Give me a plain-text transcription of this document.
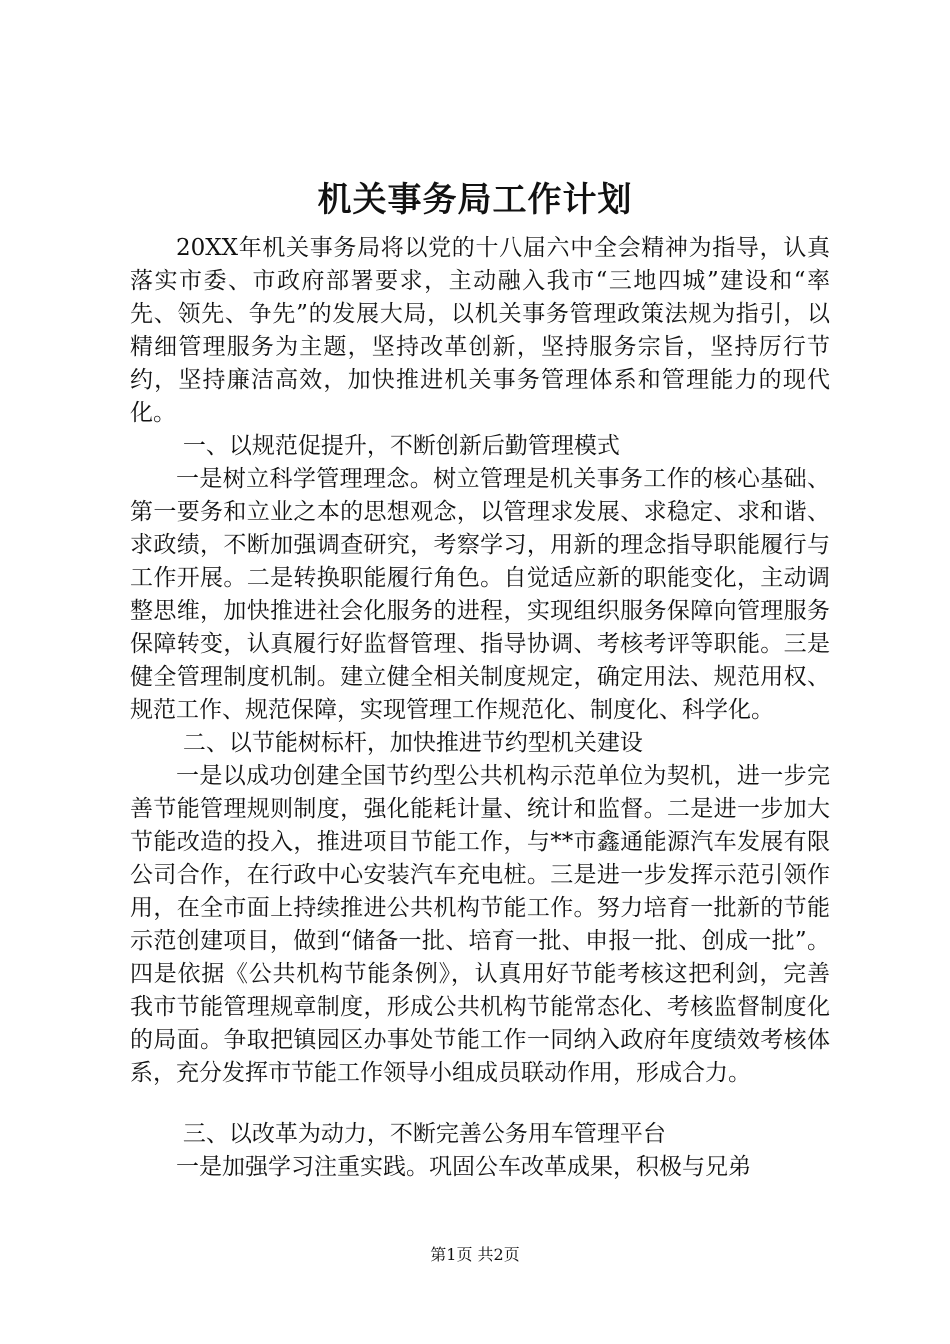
机关事务局工作计划

20XX年机关事务局将以党的十八届六中全会精神为指导，认真落实市委、市政府部署要求，主动融入我市“三地四城”建设和“率先、领先、争先”的发展大局，以机关事务管理政策法规为指引，以精细管理服务为主题，坚持改革创新，坚持服务宗旨，坚持厉行节约，坚持廉洁高效，加快推进机关事务管理体系和管理能力的现代化。

一、以规范促提升，不断创新后勤管理模式

一是树立科学管理理念。树立管理是机关事务工作的核心基础、第一要务和立业之本的思想观念，以管理求发展、求稳定、求和谐、求政绩，不断加强调查研究，考察学习，用新的理念指导职能履行与工作开展。二是转换职能履行角色。自觉适应新的职能变化，主动调整思维，加快推进社会化服务的进程，实现组织服务保障向管理服务保障转变，认真履行好监督管理、指导协调、考核考评等职能。三是健全管理制度机制。建立健全相关制度规定，确定用法、规范用权、规范工作、规范保障，实现管理工作规范化、制度化、科学化。

二、以节能树标杆，加快推进节约型机关建设

一是以成功创建全国节约型公共机构示范单位为契机，进一步完善节能管理规则制度，强化能耗计量、统计和监督。二是进一步加大节能改造的投入，推进项目节能工作，与**市鑫通能源汽车发展有限公司合作，在行政中心安装汽车充电桩。三是进一步发挥示范引领作用，在全市面上持续推进公共机构节能工作。努力培育一批新的节能示范创建项目，做到“储备一批、培育一批、申报一批、创成一批”。四是依据《公共机构节能条例》，认真用好节能考核这把利剑，完善我市节能管理规章制度，形成公共机构节能常态化、考核监督制度化的局面。争取把镇园区办事处节能工作一同纳入政府年度绩效考核体系，充分发挥市节能工作领导小组成员联动作用，形成合力。

三、以改革为动力，不断完善公务用车管理平台

一是加强学习注重实践。巩固公车改革成果，积极与兄弟

第1页 共2页
